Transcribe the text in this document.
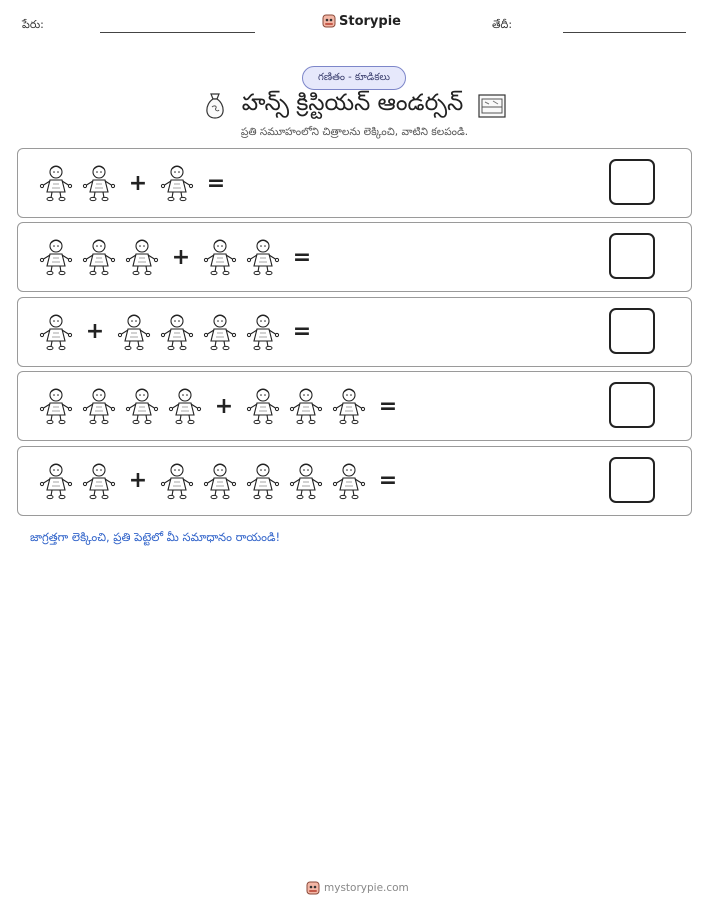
పేరు:	Storypie	తేదీ:
గణితం - కూడికలు
హన్స్ క్రిస్టియన్ ఆండర్సన్
ప్రతి సమూహంలోని చిత్రాలను లెక్కించి, వాటిని కలపండి.
+	=
+	=
+	=
+	=
+	=
జాగ్రత్తగా లెక్కించి, ప్రతి పెట్టెలో మీ సమాధానం రాయండి!
mystorypie.com
